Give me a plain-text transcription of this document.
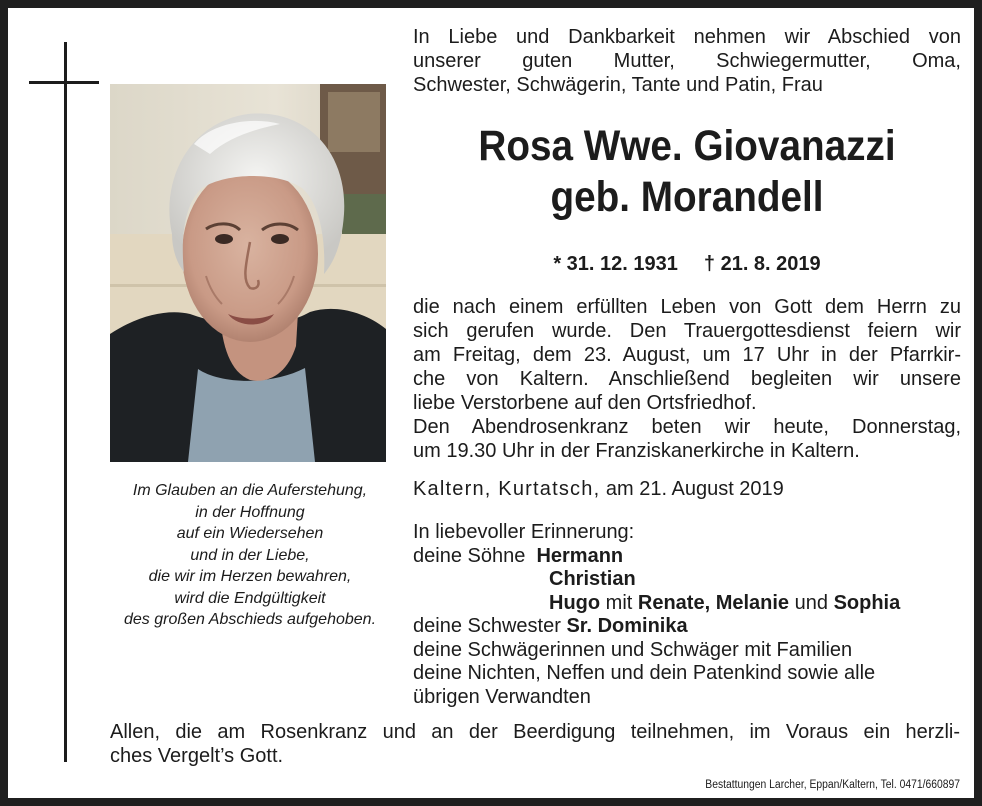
Im Glauben an die Auferstehung,
in der Hoffnung
auf ein Wiedersehen
und in der Liebe,
die wir im Herzen bewahren,
wird die Endgültigkeit
des großen Abschieds aufgehoben.
In Liebe und Dankbarkeit nehmen wir Abschied von
unserer guten Mutter, Schwiegermutter, Oma,
Schwester, Schwägerin, Tante und Patin, Frau
Rosa Wwe. Giovanazzi
geb. Morandell
* 31. 12. 1931 † 21. 8. 2019
die nach einem erfüllten Leben von Gott dem Herrn zu
sich gerufen wurde. Den Trauergottesdienst feiern wir
am Freitag, dem 23. August, um 17 Uhr in der Pfarrkir-
che von Kaltern. Anschließend begleiten wir unsere
liebe Verstorbene auf den Ortsfriedhof.
Den Abendrosenkranz beten wir heute, Donnerstag,
um 19.30 Uhr in der Franziskanerkirche in Kaltern.
Kaltern, Kurtatsch, am 21. August 2019
In liebevoller Erinnerung:
deine Söhne Hermann
Christian
Hugo mit Renate, Melanie und Sophia
deine Schwester Sr. Dominika
deine Schwägerinnen und Schwäger mit Familien
deine Nichten, Neffen und dein Patenkind sowie alle
übrigen Verwandten
Allen, die am Rosenkranz und an der Beerdigung teilnehmen, im Voraus ein herzli-
ches Vergelt’s Gott.
Bestattungen Larcher, Eppan/Kaltern, Tel. 0471/660897
